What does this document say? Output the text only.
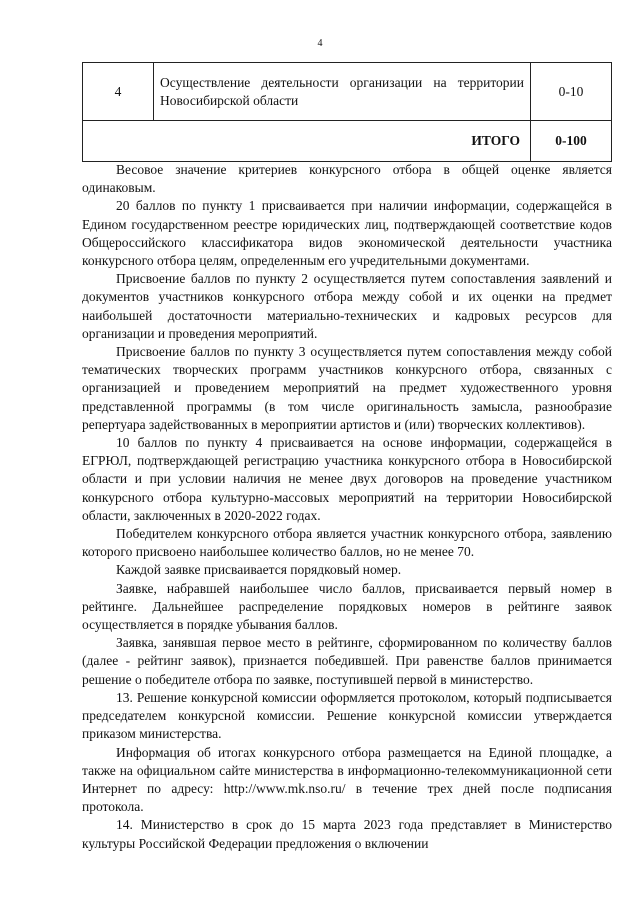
4
4	Осуществление деятельности организации на территории Новосибирской области	0-10
ИТОГО		0-100

Весовое значение критериев конкурсного отбора в общей оценке является одинаковым.

20 баллов по пункту 1 присваивается при наличии информации, содержащейся в Едином государственном реестре юридических лиц, подтверждающей соответствие кодов Общероссийского классификатора видов экономической деятельности участника конкурсного отбора целям, определенным его учредительными документами.

Присвоение баллов по пункту 2 осуществляется путем сопоставления заявлений и документов участников конкурсного отбора между собой и их оценки на предмет наибольшей достаточности материально-технических и кадровых ресурсов для организации и проведения мероприятий.

Присвоение баллов по пункту 3 осуществляется путем сопоставления между собой тематических творческих программ участников конкурсного отбора, связанных с организацией и проведением мероприятий на предмет художественного уровня представленной программы (в том числе оригинальность замысла, разнообразие репертуара задействованных в мероприятии артистов и (или) творческих коллективов).

10 баллов по пункту 4 присваивается на основе информации, содержащейся в ЕГРЮЛ, подтверждающей регистрацию участника конкурсного отбора в Новосибирской области и при условии наличия не менее двух договоров на проведение участником конкурсного отбора культурно-массовых мероприятий на территории Новосибирской области, заключенных в 2020-2022 годах.

Победителем конкурсного отбора является участник конкурсного отбора, заявлению которого присвоено наибольшее количество баллов, но не менее 70.

Каждой заявке присваивается порядковый номер.

Заявке, набравшей наибольшее число баллов, присваивается первый номер в рейтинге. Дальнейшее распределение порядковых номеров в рейтинге заявок осуществляется в порядке убывания баллов.

Заявка, занявшая первое место в рейтинге, сформированном по количеству баллов (далее - рейтинг заявок), признается победившей. При равенстве баллов принимается решение о победителе отбора по заявке, поступившей первой в министерство.

13. Решение конкурсной комиссии оформляется протоколом, который подписывается председателем конкурсной комиссии. Решение конкурсной комиссии утверждается приказом министерства.

Информация об итогах конкурсного отбора размещается на Единой площадке, а также на официальном сайте министерства в информационно-телекоммуникационной сети Интернет по адресу: http://www.mk.nso.ru/ в течение трех дней после подписания протокола.

14. Министерство в срок до 15 марта 2023 года представляет в Министерство культуры Российской Федерации предложения о включении
